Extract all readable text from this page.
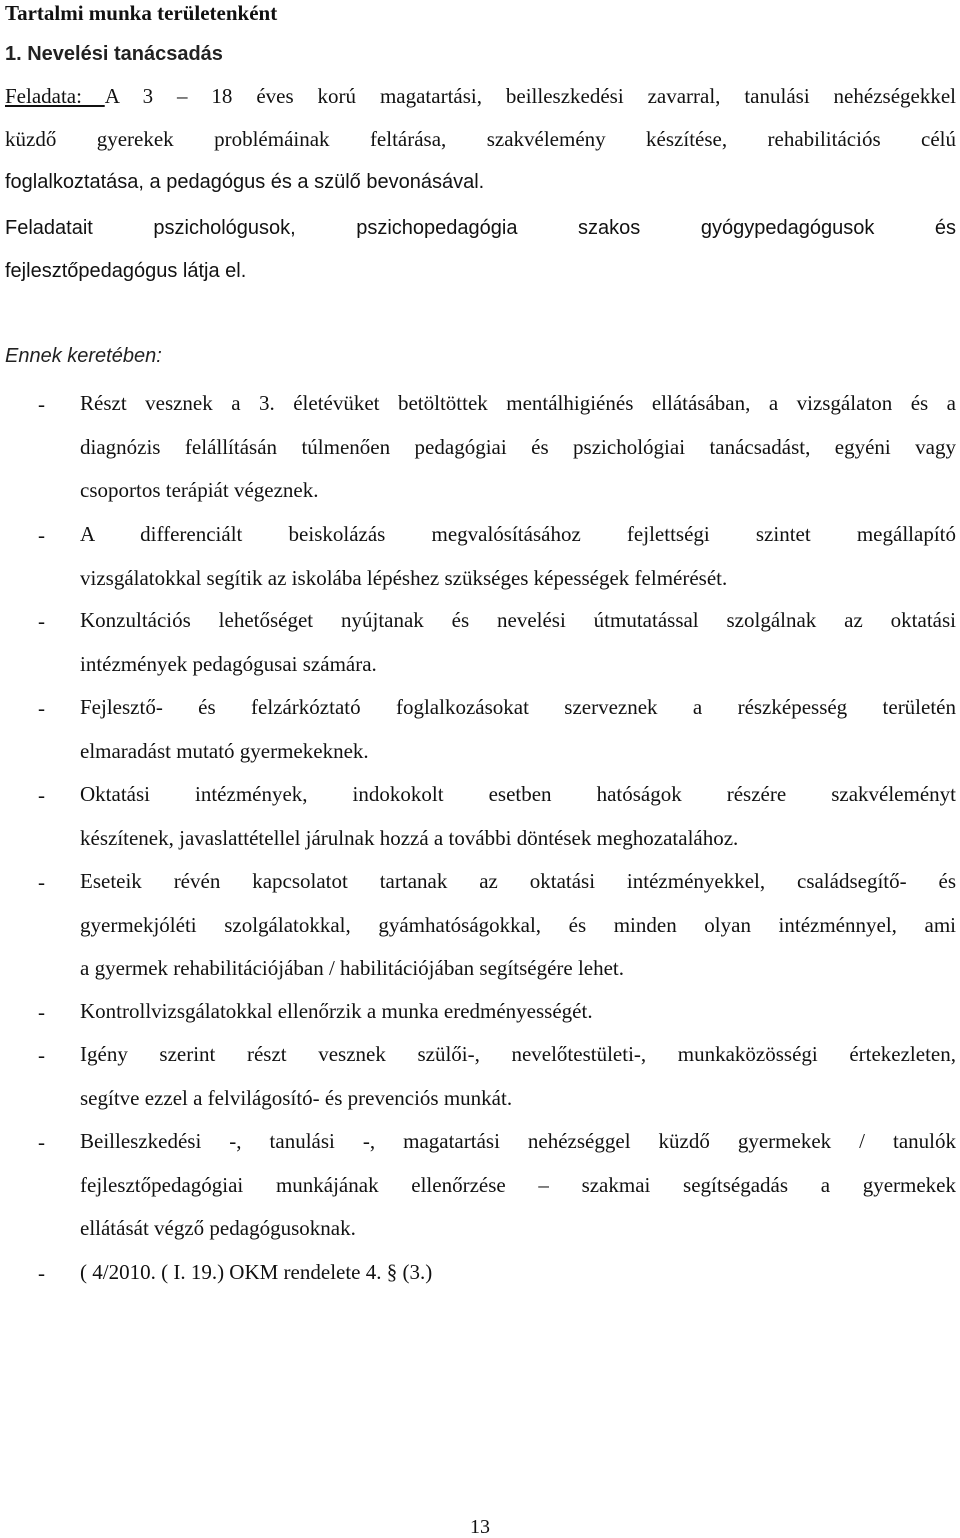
Tartalmi munka területenként
1. Nevelési tanácsadás
Feladata: A 3 – 18 éves korú magatartási, beilleszkedési zavarral, tanulási nehézségekkel
küzdő gyerekek problémáinak feltárása, szakvélemény készítése, rehabilitációs célú
foglalkoztatása, a pedagógus és a szülő bevonásával.
Feladatait pszichológusok, pszichopedagógia szakos gyógypedagógusok és
fejlesztőpedagógus látja el.

Ennek keretében:

-	Részt vesznek a 3. életévüket betöltöttek mentálhigiénés ellátásában, a vizsgálaton és a
diagnózis felállításán túlmenően pedagógiai és pszichológiai tanácsadást, egyéni vagy
csoportos terápiát végeznek.
-	A differenciált beiskolázás megvalósításához fejlettségi szintet megállapító
vizsgálatokkal segítik az iskolába lépéshez szükséges képességek felmérését.
-	Konzultációs lehetőséget nyújtanak és nevelési útmutatással szolgálnak az oktatási
intézmények pedagógusai számára.
-	Fejlesztő- és felzárkóztató foglalkozásokat szerveznek a részképesség területén
elmaradást mutató gyermekeknek.
-	Oktatási intézmények, indokokolt esetben hatóságok részére szakvéleményt
készítenek, javaslattétellel járulnak hozzá a további döntések meghozatalához.
-	Eseteik révén kapcsolatot tartanak az oktatási intézményekkel, családsegítő- és
gyermekjóléti szolgálatokkal, gyámhatóságokkal, és minden olyan intézménnyel, ami
a gyermek rehabilitációjában / habilitációjában segítségére lehet.
-	Kontrollvizsgálatokkal ellenőrzik a munka eredményességét.
-	Igény szerint részt vesznek szülői-, nevelőtestületi-, munkaközösségi értekezleten,
segítve ezzel a felvilágosító- és prevenciós munkát.
-	Beilleszkedési -, tanulási -, magatartási nehézséggel küzdő gyermekek / tanulók
fejlesztőpedagógiai munkájának ellenőrzése – szakmai segítségadás a gyermekek
ellátását végző pedagógusoknak.
-	( 4/2010. ( I. 19.) OKM rendelete 4. § (3.)
13
